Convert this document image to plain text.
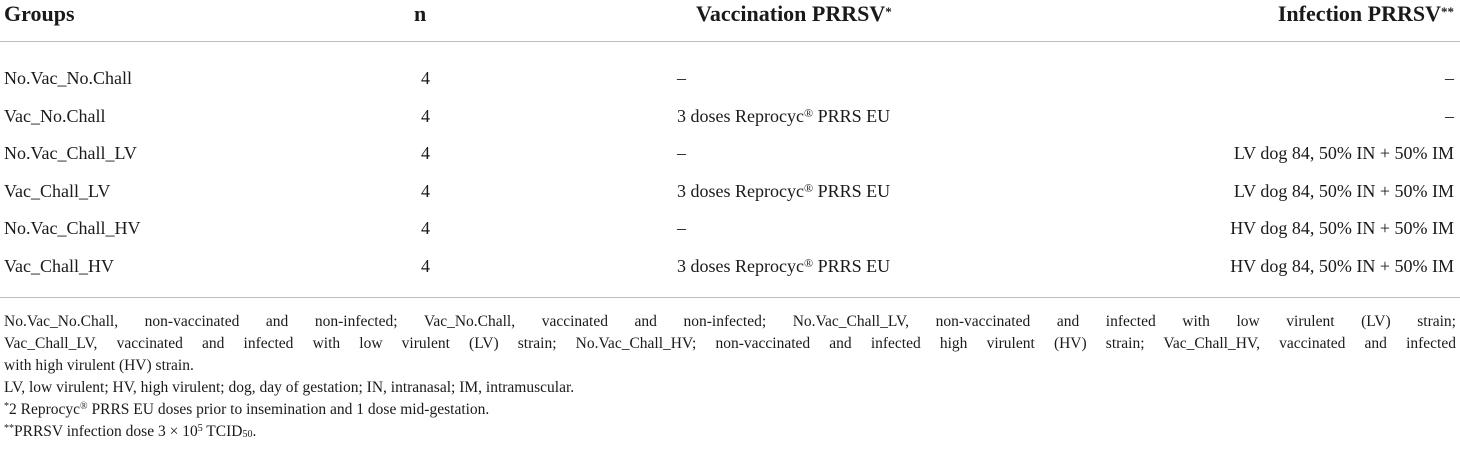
Groups	n	Vaccination PRRSV*	Infection PRRSV**
No.Vac_No.Chall	4	–	–
Vac_No.Chall	4	3 doses Reprocyc® PRRS EU	–
No.Vac_Chall_LV	4	–	LV dog 84, 50% IN + 50% IM
Vac_Chall_LV	4	3 doses Reprocyc® PRRS EU	LV dog 84, 50% IN + 50% IM
No.Vac_Chall_HV	4	–	HV dog 84, 50% IN + 50% IM
Vac_Chall_HV	4	3 doses Reprocyc® PRRS EU	HV dog 84, 50% IN + 50% IM
No.Vac_No.Chall, non-vaccinated and non-infected; Vac_No.Chall, vaccinated and non-infected; No.Vac_Chall_LV, non-vaccinated and infected with low virulent (LV) strain;
Vac_Chall_LV, vaccinated and infected with low virulent (LV) strain; No.Vac_Chall_HV; non-vaccinated and infected high virulent (HV) strain; Vac_Chall_HV, vaccinated and infected
with high virulent (HV) strain.
LV, low virulent; HV, high virulent; dog, day of gestation; IN, intranasal; IM, intramuscular.
*2 Reprocyc® PRRS EU doses prior to insemination and 1 dose mid-gestation.
**PRRSV infection dose $3 \times 10^5$ TCID50.
